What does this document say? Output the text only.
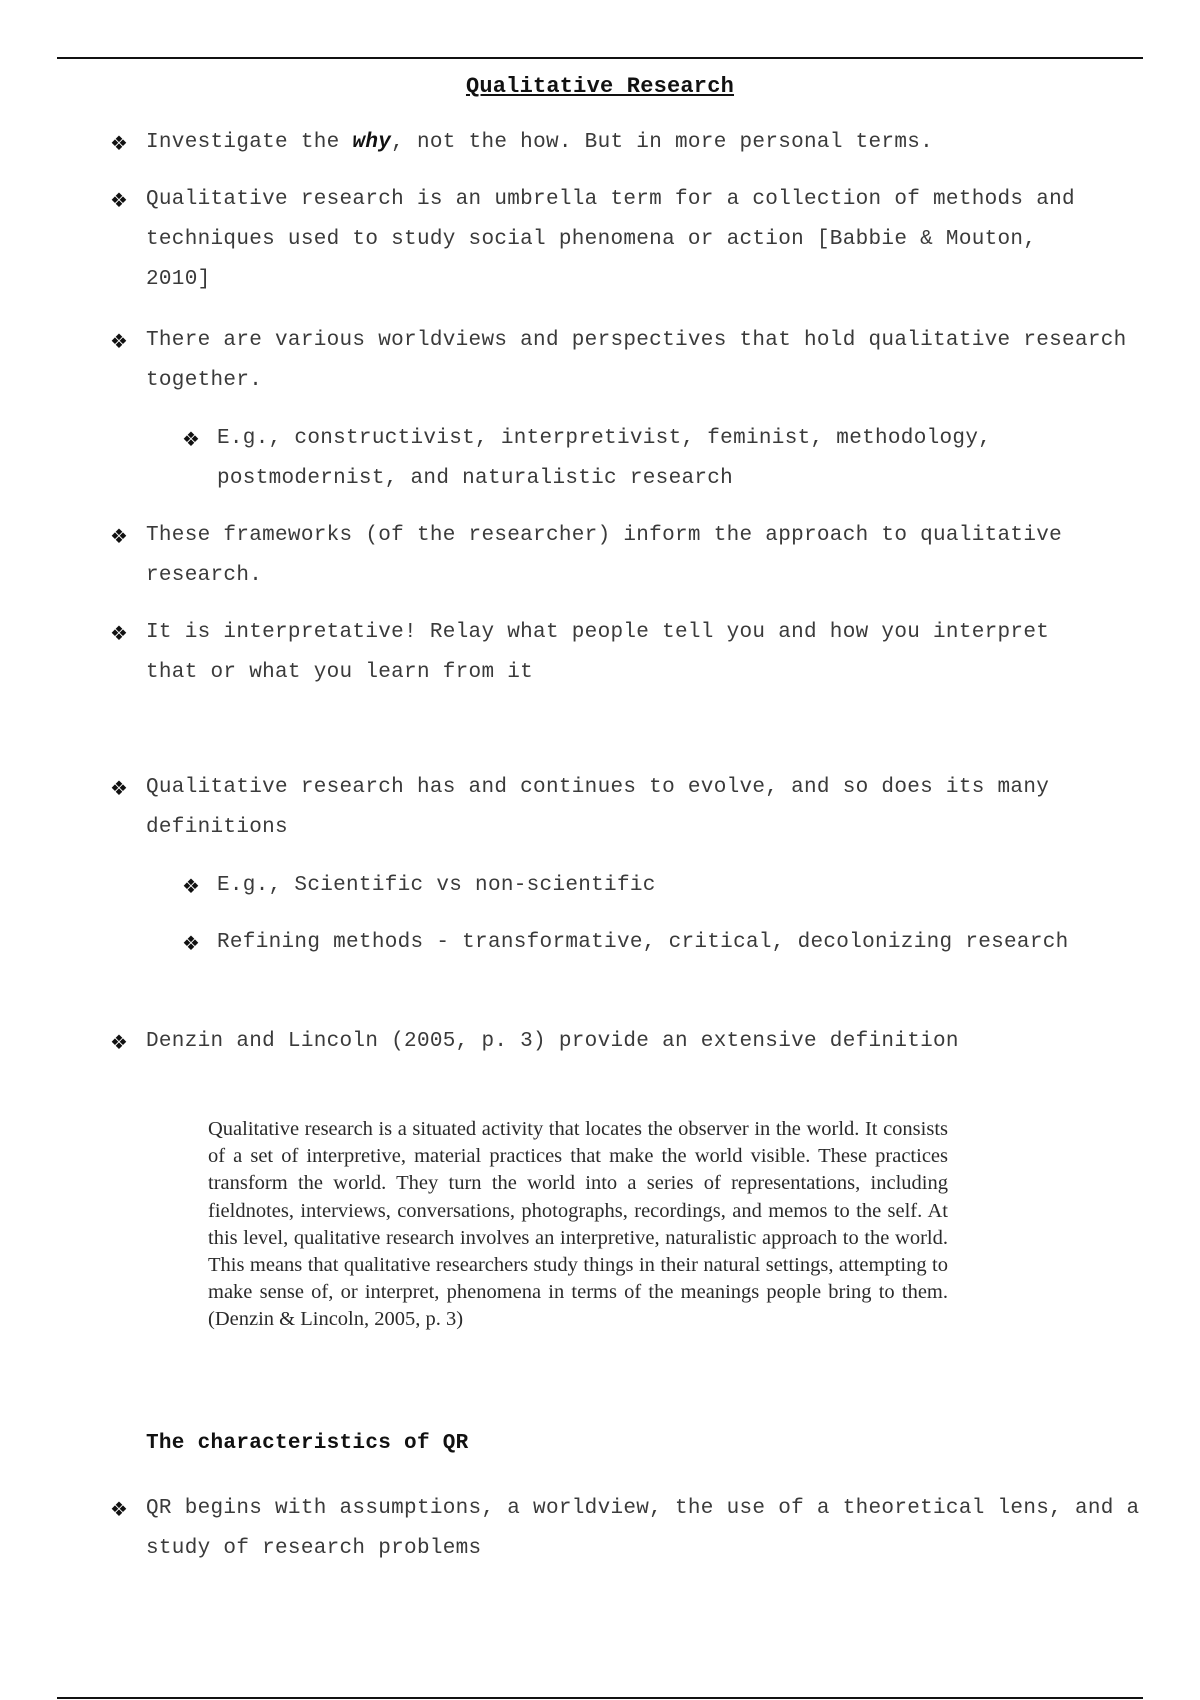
Qualitative Research
❖ Investigate the why, not the how. But in more personal terms.
❖ Qualitative research is an umbrella term for a collection of methods and techniques used to study social phenomena or action [Babbie & Mouton, 2010]
❖ There are various worldviews and perspectives that hold qualitative research together.
❖ E.g., constructivist, interpretivist, feminist, methodology, postmodernist, and naturalistic research
❖ These frameworks (of the researcher) inform the approach to qualitative research.
❖ It is interpretative! Relay what people tell you and how you interpret that or what you learn from it
❖ Qualitative research has and continues to evolve, and so does its many definitions
❖ E.g., Scientific vs non-scientific
❖ Refining methods - transformative, critical, decolonizing research
❖ Denzin and Lincoln (2005, p. 3) provide an extensive definition
Qualitative research is a situated activity that locates the observer in the world. It consists of a set of interpretive, material practices that make the world visible. These practices transform the world. They turn the world into a series of representations, including fieldnotes, interviews, conversations, photographs, recordings, and memos to the self. At this level, qualitative research involves an interpretive, naturalistic approach to the world. This means that qualitative researchers study things in their natural settings, attempting to make sense of, or interpret, phenomena in terms of the meanings people bring to them. (Denzin & Lincoln, 2005, p. 3)
The characteristics of QR
❖ QR begins with assumptions, a worldview, the use of a theoretical lens, and a study of research problems
